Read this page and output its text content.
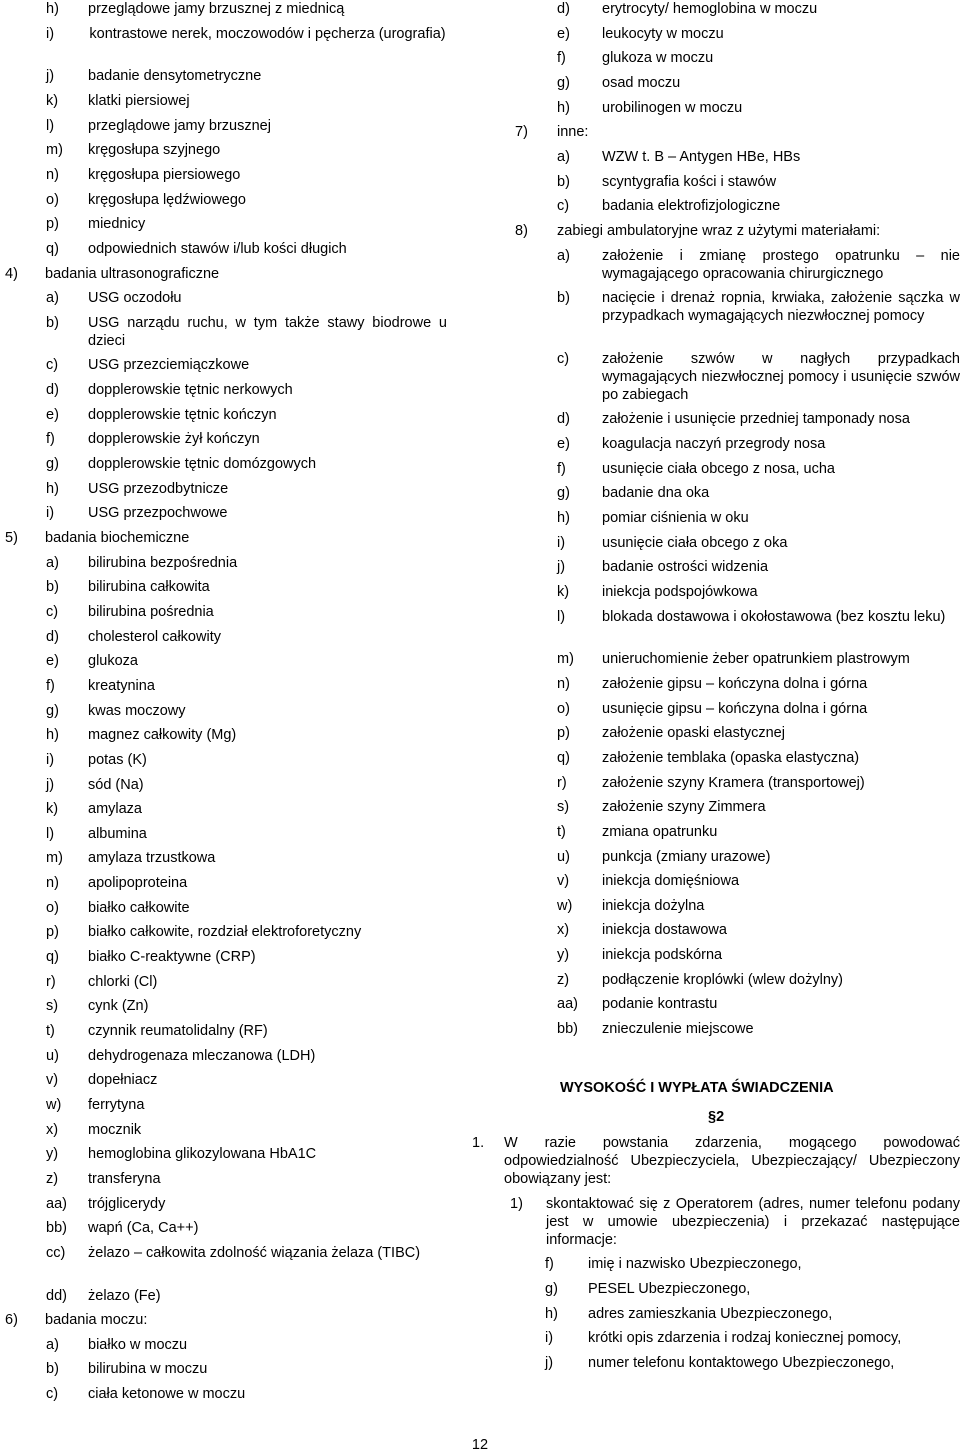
h) przeglądowe jamy brzusznej z miednicą
i) kontrastowe nerek, moczowodów i pęcherza (urografia)
j) badanie densytometryczne
k) klatki piersiowej
l) przeglądowe jamy brzusznej
m) kręgosłupa szyjnego
n) kręgosłupa piersiowego
o) kręgosłupa lędźwiowego
p) miednicy
q) odpowiednich stawów i/lub kości długich
4) badania ultrasonograficzne
a) USG oczodołu
b) USG narządu ruchu, w tym także stawy biodrowe u dzieci
c) USG przezciemiączkowe
d) dopplerowskie tętnic nerkowych
e) dopplerowskie tętnic kończyn
f) dopplerowskie żył kończyn
g) dopplerowskie tętnic domózgowych
h) USG przezodbytnicze
i) USG przezpochwowe
5) badania biochemiczne
a) bilirubina bezpośrednia
b) bilirubina całkowita
c) bilirubina pośrednia
d) cholesterol całkowity
e) glukoza
f) kreatynina
g) kwas moczowy
h) magnez całkowity (Mg)
i) potas (K)
j) sód (Na)
k) amylaza
l) albumina
m) amylaza trzustkowa
n) apolipoproteina
o) białko całkowite
p) białko całkowite, rozdział elektroforetyczny
q) białko C-reaktywne (CRP)
r) chlorki (Cl)
s) cynk (Zn)
t) czynnik reumatolidalny (RF)
u) dehydrogenaza mleczanowa (LDH)
v) dopełniacz
w) ferrytyna
x) mocznik
y) hemoglobina glikozylowana HbA1C
z) transferyna
aa) trójglicerydy
bb) wapń (Ca, Ca++)
cc) żelazo – całkowita zdolność wiązania żelaza (TIBC)
dd) żelazo (Fe)
6) badania moczu:
a) białko w moczu
b) bilirubina w moczu
c) ciała ketonowe w moczu
d) erytrocyty/ hemoglobina w moczu
e) leukocyty w moczu
f) glukoza w moczu
g) osad moczu
h) urobilinogen w moczu
7) inne:
a) WZW t. B – Antygen HBe, HBs
b) scyntygrafia kości i stawów
c) badania elektrofizjologiczne
8) zabiegi ambulatoryjne wraz z użytymi materiałami:
a) założenie i zmianę prostego opatrunku – nie wymagającego opracowania chirurgicznego
b) nacięcie i drenaż ropnia, krwiaka, założenie sączka w przypadkach wymagających niezwłocznej pomocy
c) założenie szwów w nagłych przypadkach wymagających niezwłocznej pomocy i usunięcie szwów po zabiegach
d) założenie i usunięcie przedniej tamponady nosa
e) koagulacja naczyń przegrody nosa
f) usunięcie ciała obcego z nosa, ucha
g) badanie dna oka
h) pomiar ciśnienia w oku
i)	usunięcie ciała obcego z oka
j)	badanie ostrości widzenia
k) iniekcja podspojówkowa
l)	blokada dostawowa i okołostawowa (bez kosztu leku)
m) unieruchomienie żeber opatrunkiem plastrowym
n) założenie gipsu – kończyna dolna i górna
o) usunięcie gipsu – kończyna dolna i górna
p) założenie opaski elastycznej
q) założenie temblaka (opaska elastyczna)
r) założenie szyny Kramera (transportowej)
s) założenie szyny Zimmera
t) zmiana opatrunku
u) punkcja (zmiany urazowe)
v) iniekcja domięśniowa
w) iniekcja dożylna
x) iniekcja dostawowa
y) iniekcja podskórna
z) podłączenie kroplówki (wlew dożylny)
aa) podanie kontrastu
bb) znieczulenie miejscowe
WYSOKOŚĆ I WYPŁATA ŚWIADCZENIA
§2
1. W razie powstania zdarzenia, mogącego powodować odpowiedzialność Ubezpieczyciela, Ubezpieczający/ Ubezpieczony obowiązany jest:
1) skontaktować się z Operatorem (adres, numer telefonu podany jest w umowie ubezpieczenia) i przekazać następujące informacje:
f) imię i nazwisko Ubezpieczonego,
g) PESEL Ubezpieczonego,
h) adres zamieszkania Ubezpieczonego,
i) krótki opis zdarzenia i rodzaj koniecznej pomocy,
j) numer telefonu kontaktowego Ubezpieczonego,
12
